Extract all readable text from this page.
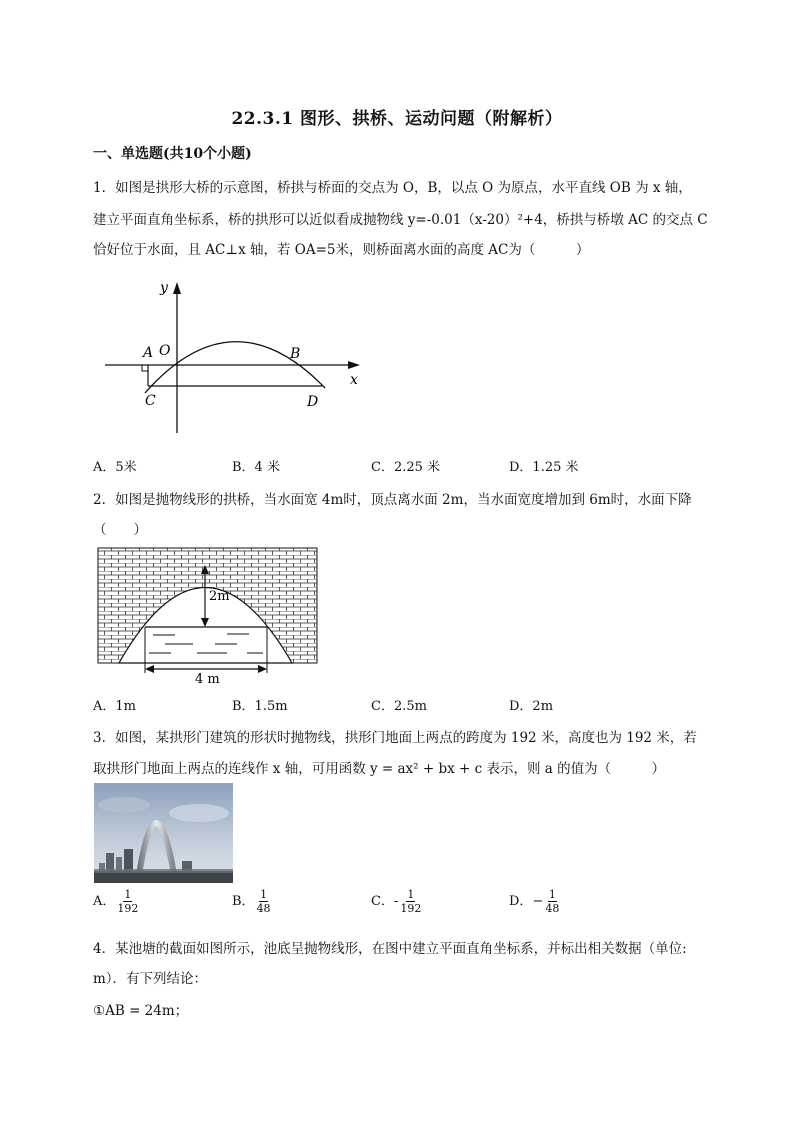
22.3.1 图形、拱桥、运动问题（附解析）
一、单选题(共10个小题)
1．如图是拱形大桥的示意图，桥拱与桥面的交点为 O，B，以点 O 为原点，水平直线 OB 为 x 轴，
建立平面直角坐标系，桥的拱形可以近似看成抛物线 y=-0.01（x-20）²+4，桥拱与桥墩 AC 的交点 C
恰好位于水面，且 AC⊥x 轴，若 OA=5米，则桥面离水面的高度 AC为（　　　）
y
x
A O	B
C	D
A．5米	B．4 米	C．2.25 米	D．1.25 米
2．如图是抛物线形的拱桥，当水面宽 4m时，顶点离水面 2m，当水面宽度增加到 6m时，水面下降
（　　）
2m
4 m
A．1m	B．1.5m	C．2.5m	D．2m
3．如图，某拱形门建筑的形状时抛物线，拱形门地面上两点的跨度为 192 米，高度也为 192 米，若
取拱形门地面上两点的连线作 x 轴，可用函数 y = ax² + bx + c 表示，则 a 的值为（　　　）
A． $\frac{1}{192}$	B． $\frac{1}{48}$	C．- $\frac{1}{192}$	D．− $\frac{1}{48}$
4．某池塘的截面如图所示，池底呈抛物线形，在图中建立平面直角坐标系，并标出相关数据（单位:
m）．有下列结论：
①AB = 24m；
